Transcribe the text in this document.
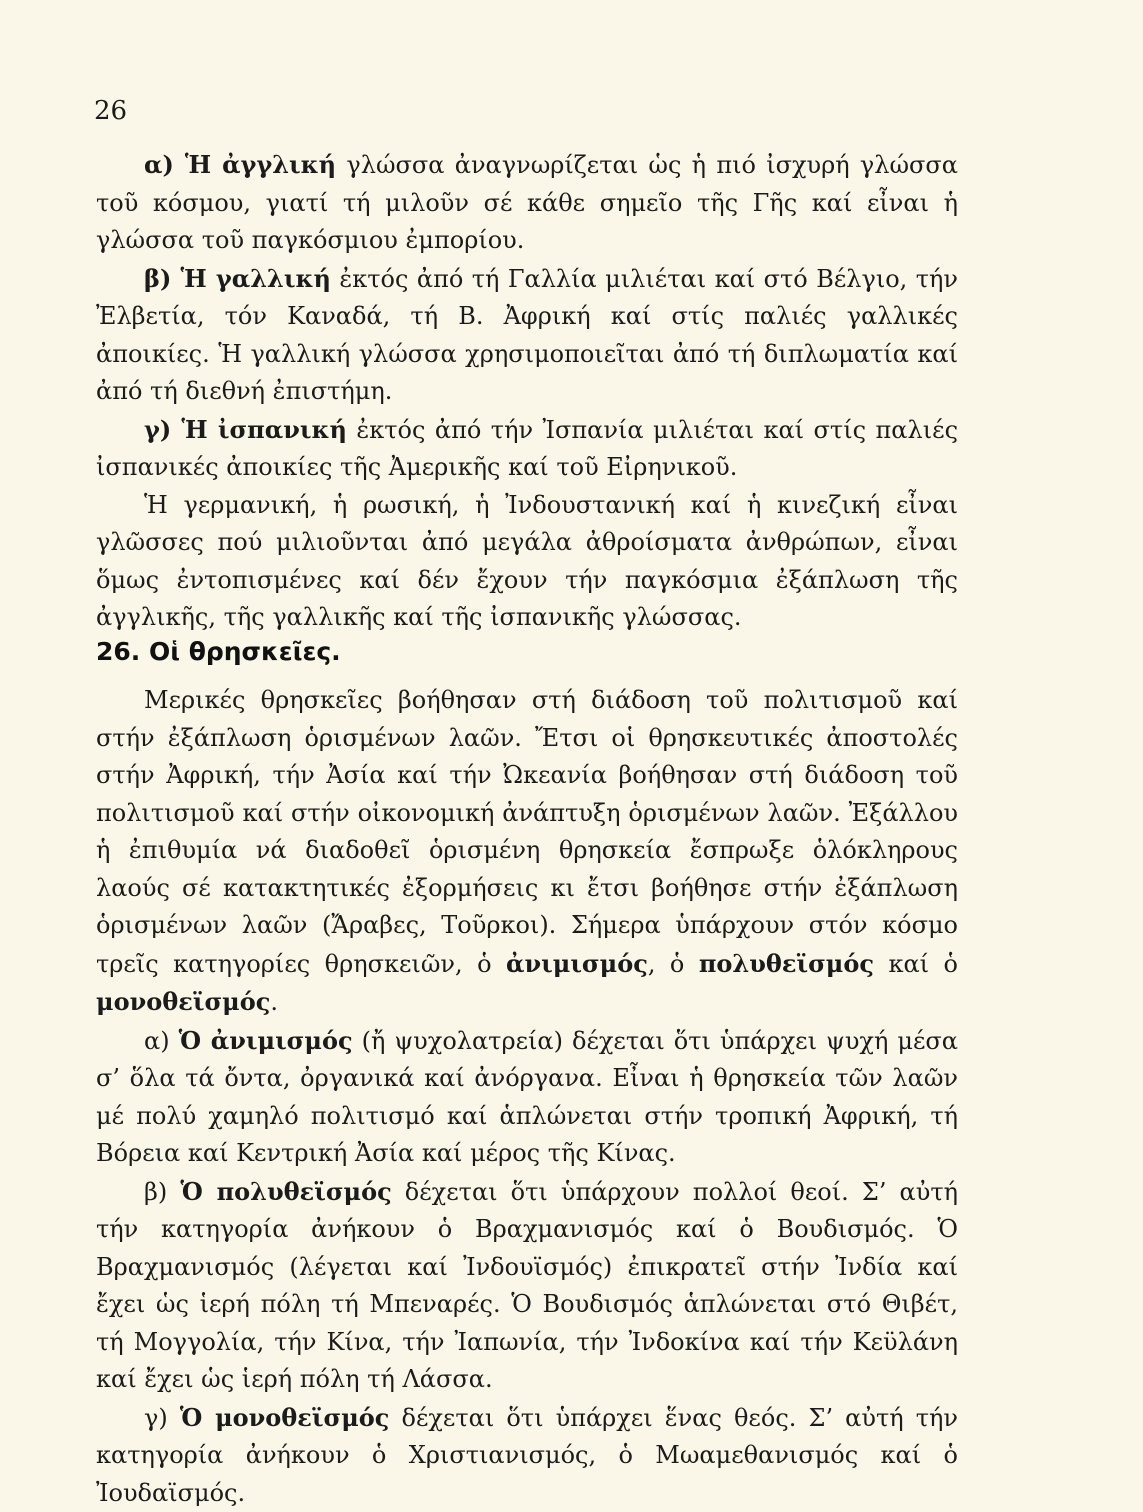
26

α) Ἡ ἀγγλική γλώσσα ἀναγνωρίζεται ὡς ἡ πιό ἰσχυρή γλώσσα τοῦ κόσμου, γιατί τή μιλοῦν σέ κάθε σημεῖο τῆς Γῆς καί εἶναι ἡ γλώσσα τοῦ παγκόσμιου ἐμπορίου.

β) Ἡ γαλλική ἐκτός ἀπό τή Γαλλία μιλιέται καί στό Βέλγιο, τήν Ἐλβετία, τόν Καναδά, τή Β. Ἀφρική καί στίς παλιές γαλλικές ἀποικίες. Ἡ γαλλική γλώσσα χρησιμοποιεῖται ἀπό τή διπλωματία καί ἀπό τή διεθνή ἐπιστήμη.

γ) Ἡ ἰσπανική ἐκτός ἀπό τήν Ἰσπανία μιλιέται καί στίς παλιές ἰσπανικές ἀποικίες τῆς Ἀμερικῆς καί τοῦ Εἰρηνικοῦ.

Ἡ γερμανική, ἡ ρωσική, ἡ Ἰνδουστανική καί ἡ κινεζική εἶναι γλῶσσες πού μιλιοῦνται ἀπό μεγάλα ἀθροίσματα ἀνθρώπων, εἶναι ὅμως ἐντοπισμένες καί δέν ἔχουν τήν παγκόσμια ἐξάπλωση τῆς ἀγγλικῆς, τῆς γαλλικῆς καί τῆς ἰσπανικῆς γλώσσας.

26. Οἱ θρησκεῖες.

Μερικές θρησκεῖες βοήθησαν στή διάδοση τοῦ πολιτισμοῦ καί στήν ἐξάπλωση ὁρισμένων λαῶν. Ἔτσι οἱ θρησκευτικές ἀποστολές στήν Ἀφρική, τήν Ἀσία καί τήν Ὠκεανία βοήθησαν στή διάδοση τοῦ πολιτισμοῦ καί στήν οἰκονομική ἀνάπτυξη ὁρισμένων λαῶν. Ἐξάλλου ἡ ἐπιθυμία νά διαδοθεῖ ὁρισμένη θρησκεία ἔσπρωξε ὁλόκληρους λαούς σέ κατακτητικές ἐξορμήσεις κι ἔτσι βοήθησε στήν ἐξάπλωση ὁρισμένων λαῶν (Ἄραβες, Τοῦρκοι). Σήμερα ὑπάρχουν στόν κόσμο τρεῖς κατηγορίες θρησκειῶν, ὁ ἀνιμισμός, ὁ πολυθεϊσμός καί ὁ μονοθεϊσμός.

α) Ὁ ἀνιμισμός (ἤ ψυχολατρεία) δέχεται ὅτι ὑπάρχει ψυχή μέσα σ’ ὅλα τά ὄντα, ὀργανικά καί ἀνόργανα. Εἶναι ἡ θρησκεία τῶν λαῶν μέ πολύ χαμηλό πολιτισμό καί ἁπλώνεται στήν τροπική Ἀφρική, τή Βόρεια καί Κεντρική Ἀσία καί μέρος τῆς Κίνας.

β) Ὁ πολυθεϊσμός δέχεται ὅτι ὑπάρχουν πολλοί θεοί. Σ’ αὐτή τήν κατηγορία ἀνήκουν ὁ Βραχμανισμός καί ὁ Βουδισμός. Ὁ Βραχμανισμός (λέγεται καί Ἰνδουϊσμός) ἐπικρατεῖ στήν Ἰνδία καί ἔχει ὡς ἱερή πόλη τή Μπεναρές. Ὁ Βουδισμός ἁπλώνεται στό Θιβέτ, τή Μογγολία, τήν Κίνα, τήν Ἰαπωνία, τήν Ἰνδοκίνα καί τήν Κεϋλάνη καί ἔχει ὡς ἱερή πόλη τή Λάσσα.

γ) Ὁ μονοθεϊσμός δέχεται ὅτι ὑπάρχει ἕνας θεός. Σ’ αὐτή τήν κατηγορία ἀνήκουν ὁ Χριστιανισμός, ὁ Μωαμεθανισμός καί ὁ Ἰουδαϊσμός.
